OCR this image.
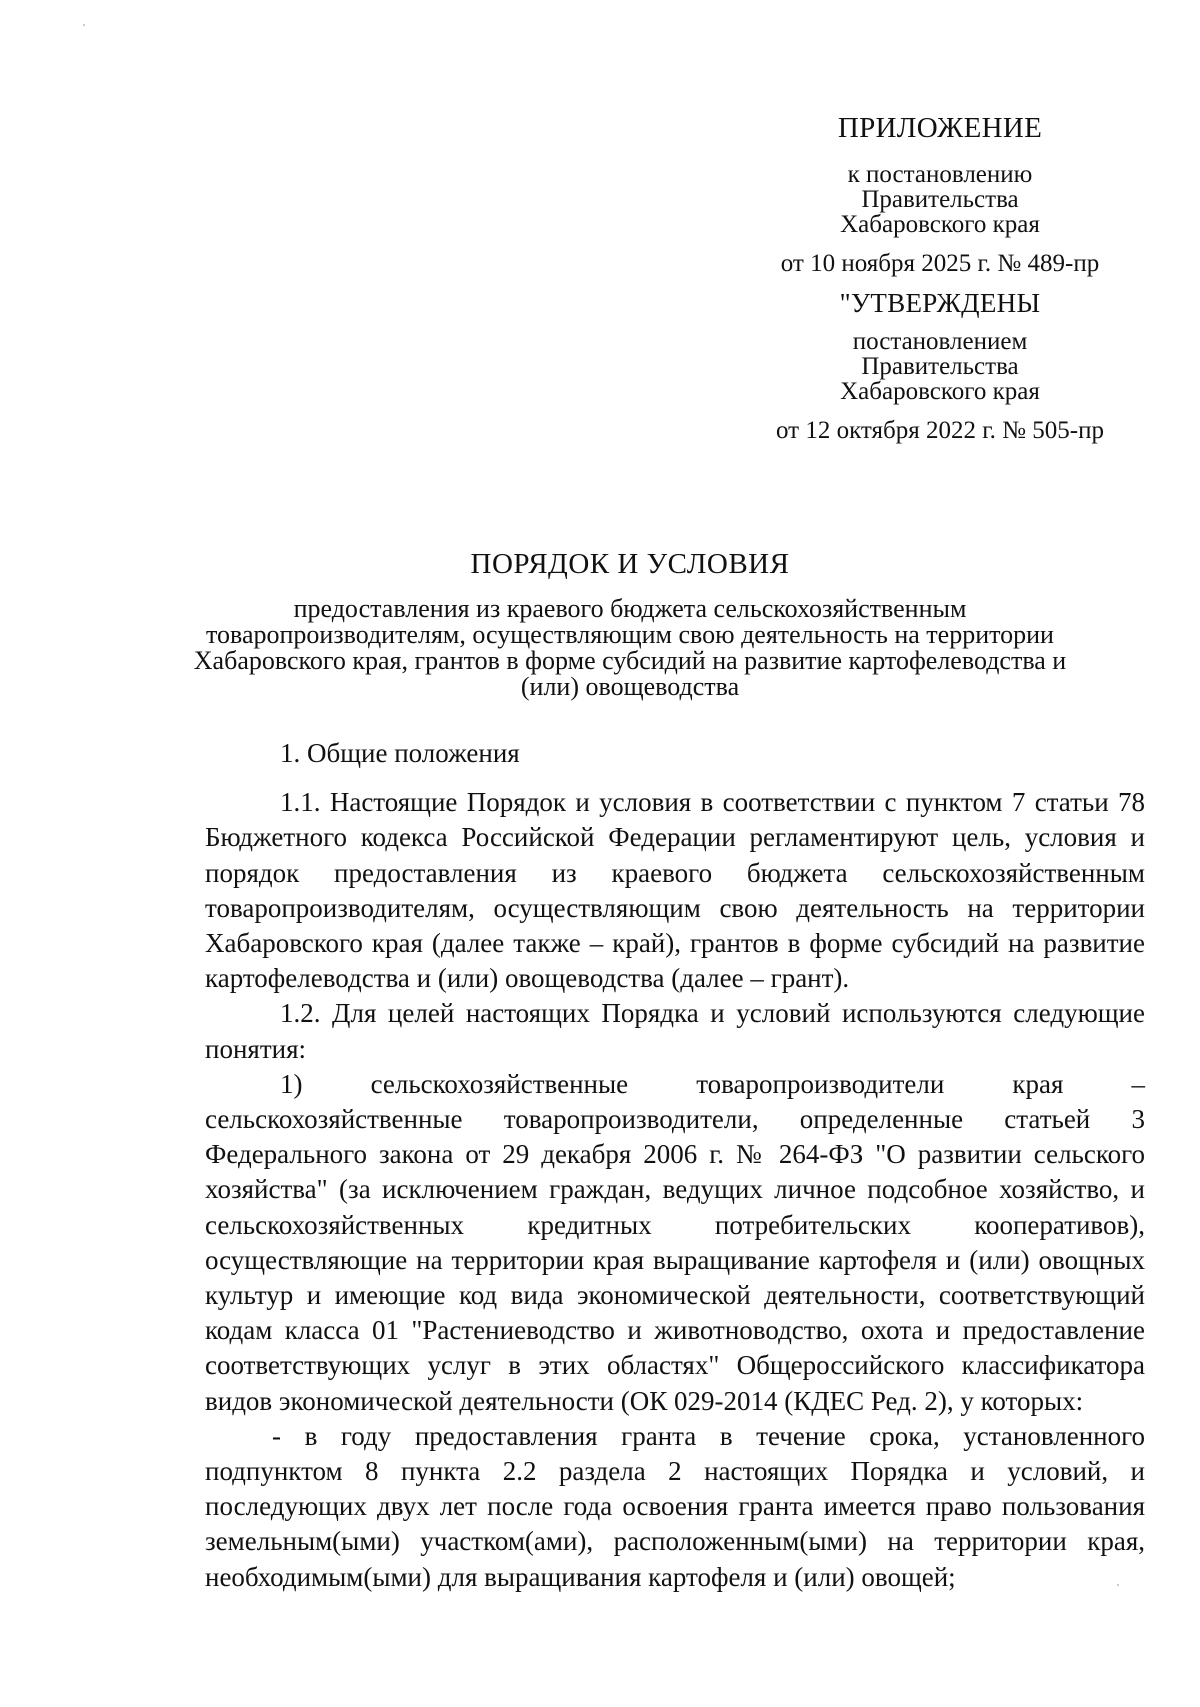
ПРИЛОЖЕНИЕ
к постановлению
Правительства
Хабаровского края
от 10 ноября 2025 г. № 489-пр
"УТВЕРЖДЕНЫ
постановлением
Правительства
Хабаровского края
от 12 октября 2022 г. № 505-пр
ПОРЯДОК И УСЛОВИЯ
предоставления из краевого бюджета сельскохозяйственным
товаропроизводителям, осуществляющим свою деятельность на территории
Хабаровского края, грантов в форме субсидий на развитие картофелеводства и
(или) овощеводства

1. Общие положения

1.1. Настоящие Порядок и условия в соответствии с пунктом 7 статьи 78 Бюджетного кодекса Российской Федерации регламентируют цель, условия и порядок предоставления из краевого бюджета сельскохозяйственным товаропроизводителям, осуществляющим свою деятельность на территории Хабаровского края (далее также – край), грантов в форме субсидий на развитие картофелеводства и (или) овощеводства (далее – грант).

1.2. Для целей настоящих Порядка и условий используются следующие понятия:

1) сельскохозяйственные товаропроизводители края – сельскохозяйственные товаропроизводители, определенные статьей 3 Федерального закона от 29 декабря 2006 г. № 264-ФЗ "О развитии сельского хозяйства" (за исключением граждан, ведущих личное подсобное хозяйство, и сельскохозяйственных кредитных потребительских кооперативов), осуществляющие на территории края выращивание картофеля и (или) овощных культур и имеющие код вида экономической деятельности, соответствующий кодам класса 01 "Растениеводство и животноводство, охота и предоставление соответствующих услуг в этих областях" Общероссийского классификатора видов экономической деятельности (ОК 029-2014 (КДЕС Ред. 2), у которых:

- в году предоставления гранта в течение срока, установленного подпунктом 8 пункта 2.2 раздела 2 настоящих Порядка и условий, и последующих двух лет после года освоения гранта имеется право пользования земельным(ыми) участком(ами), расположенным(ыми) на территории края, необходимым(ыми) для выращивания картофеля и (или) овощей;
